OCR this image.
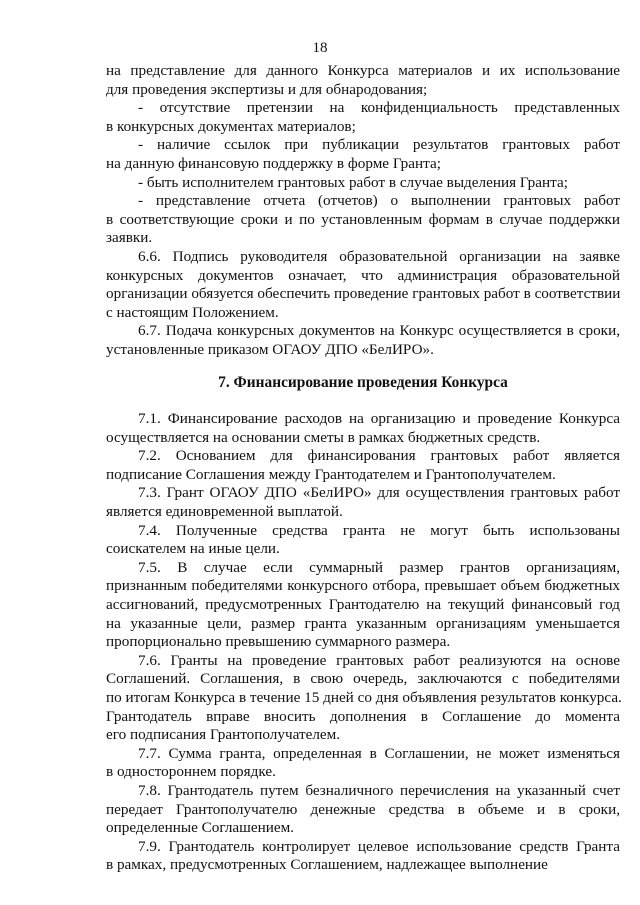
18
на представление для данного Конкурса материалов и их использование
для проведения экспертизы и для обнародования;
- отсутствие претензии на конфиденциальность представленных
в конкурсных документах материалов;
- наличие ссылок при публикации результатов грантовых работ
на данную финансовую поддержку в форме Гранта;
- быть исполнителем грантовых работ в случае выделения Гранта;
- представление отчета (отчетов) о выполнении грантовых работ
в соответствующие сроки и по установленным формам в случае поддержки
заявки.
6.6. Подпись руководителя образовательной организации на заявке
конкурсных документов означает, что администрация образовательной
организации обязуется обеспечить проведение грантовых работ в соответствии
с настоящим Положением.
6.7. Подача конкурсных документов на Конкурс осуществляется в сроки,
установленные приказом ОГАОУ ДПО «БелИРО».
7. Финансирование проведения Конкурса
7.1. Финансирование расходов на организацию и проведение Конкурса
осуществляется на основании сметы в рамках бюджетных средств.
7.2. Основанием для финансирования грантовых работ является
подписание Соглашения между Грантодателем и Грантополучателем.
7.3. Грант ОГАОУ ДПО «БелИРО» для осуществления грантовых работ
является единовременной выплатой.
7.4. Полученные средства гранта не могут быть использованы
соискателем на иные цели.
7.5. В случае если суммарный размер грантов организациям,
признанным победителями конкурсного отбора, превышает объем бюджетных
ассигнований, предусмотренных Грантодателю на текущий финансовый год
на указанные цели, размер гранта указанным организациям уменьшается
пропорционально превышению суммарного размера.
7.6. Гранты на проведение грантовых работ реализуются на основе
Соглашений. Соглашения, в свою очередь, заключаются с победителями
по итогам Конкурса в течение 15 дней со дня объявления результатов конкурса.
Грантодатель вправе вносить дополнения в Соглашение до момента
его подписания Грантополучателем.
7.7. Сумма гранта, определенная в Соглашении, не может изменяться
в одностороннем порядке.
7.8. Грантодатель путем безналичного перечисления на указанный счет
передает Грантополучателю денежные средства в объеме и в сроки,
определенные Соглашением.
7.9. Грантодатель контролирует целевое использование средств Гранта
в рамках, предусмотренных Соглашением, надлежащее выполнение
